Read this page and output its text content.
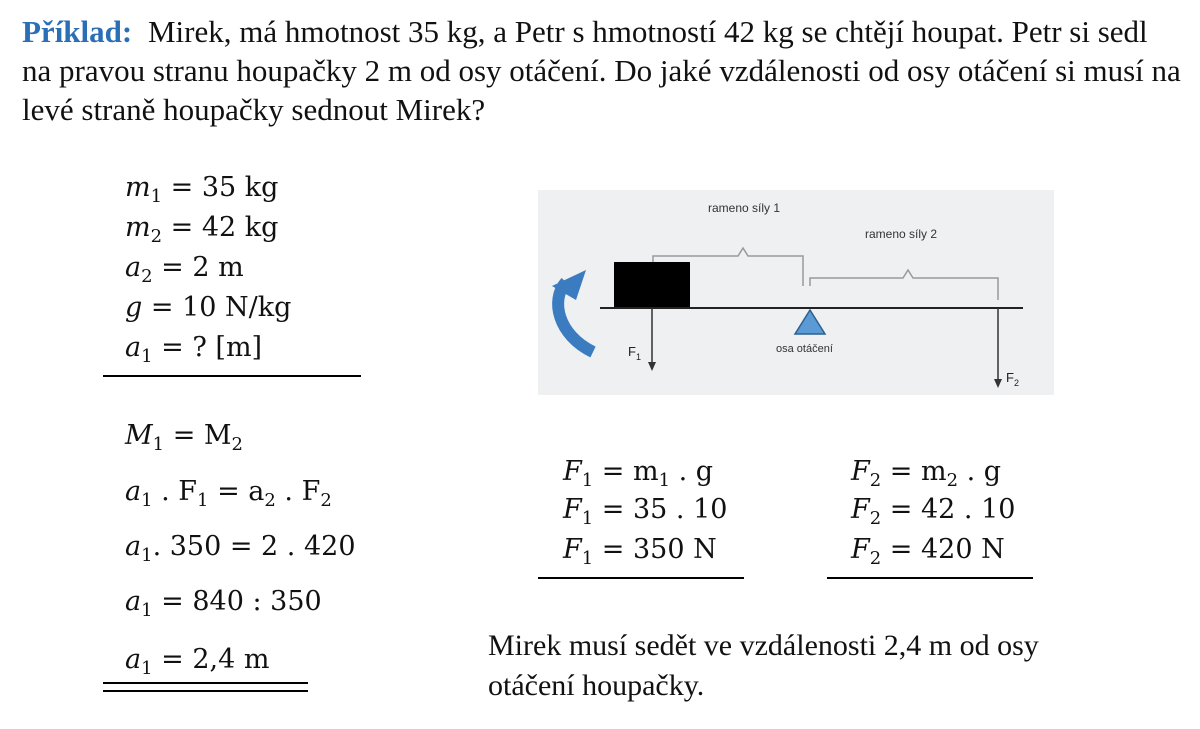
Příklad: Mirek, má hmotnost 35 kg, a Petr s hmotností 42 kg se chtějí houpat. Petr si sedl na pravou stranu houpačky 2 m od osy otáčení. Do jaké vzdálenosti od osy otáčení si musí na levé straně houpačky sednout Mirek?
$m_1 = 35$ kg
$m_2 = 42$ kg
$a_2 = 2$ m
g = 10 N/kg
$a_1$ = ? [m]
$M_1 = M_2$
$a_1$ . $F_1 = a_2$ . $F_2$
$a_1$. 350 = 2 . 420
$a_1 = 840$ : 350
$a_1 = 2,4$ m
rameno síly 1
rameno síly 2
osa otáčení
$F_1$
$F_2$
$F_1 = m_1$ . g
$F_1 = 35$ . 10
$F_1 = 350$ N
$F_2 = m_2$ . g
$F_2 = 42$ . 10
$F_2 = 420$ N
Mirek musí sedět ve vzdálenosti 2,4 m od osy otáčení houpačky.
